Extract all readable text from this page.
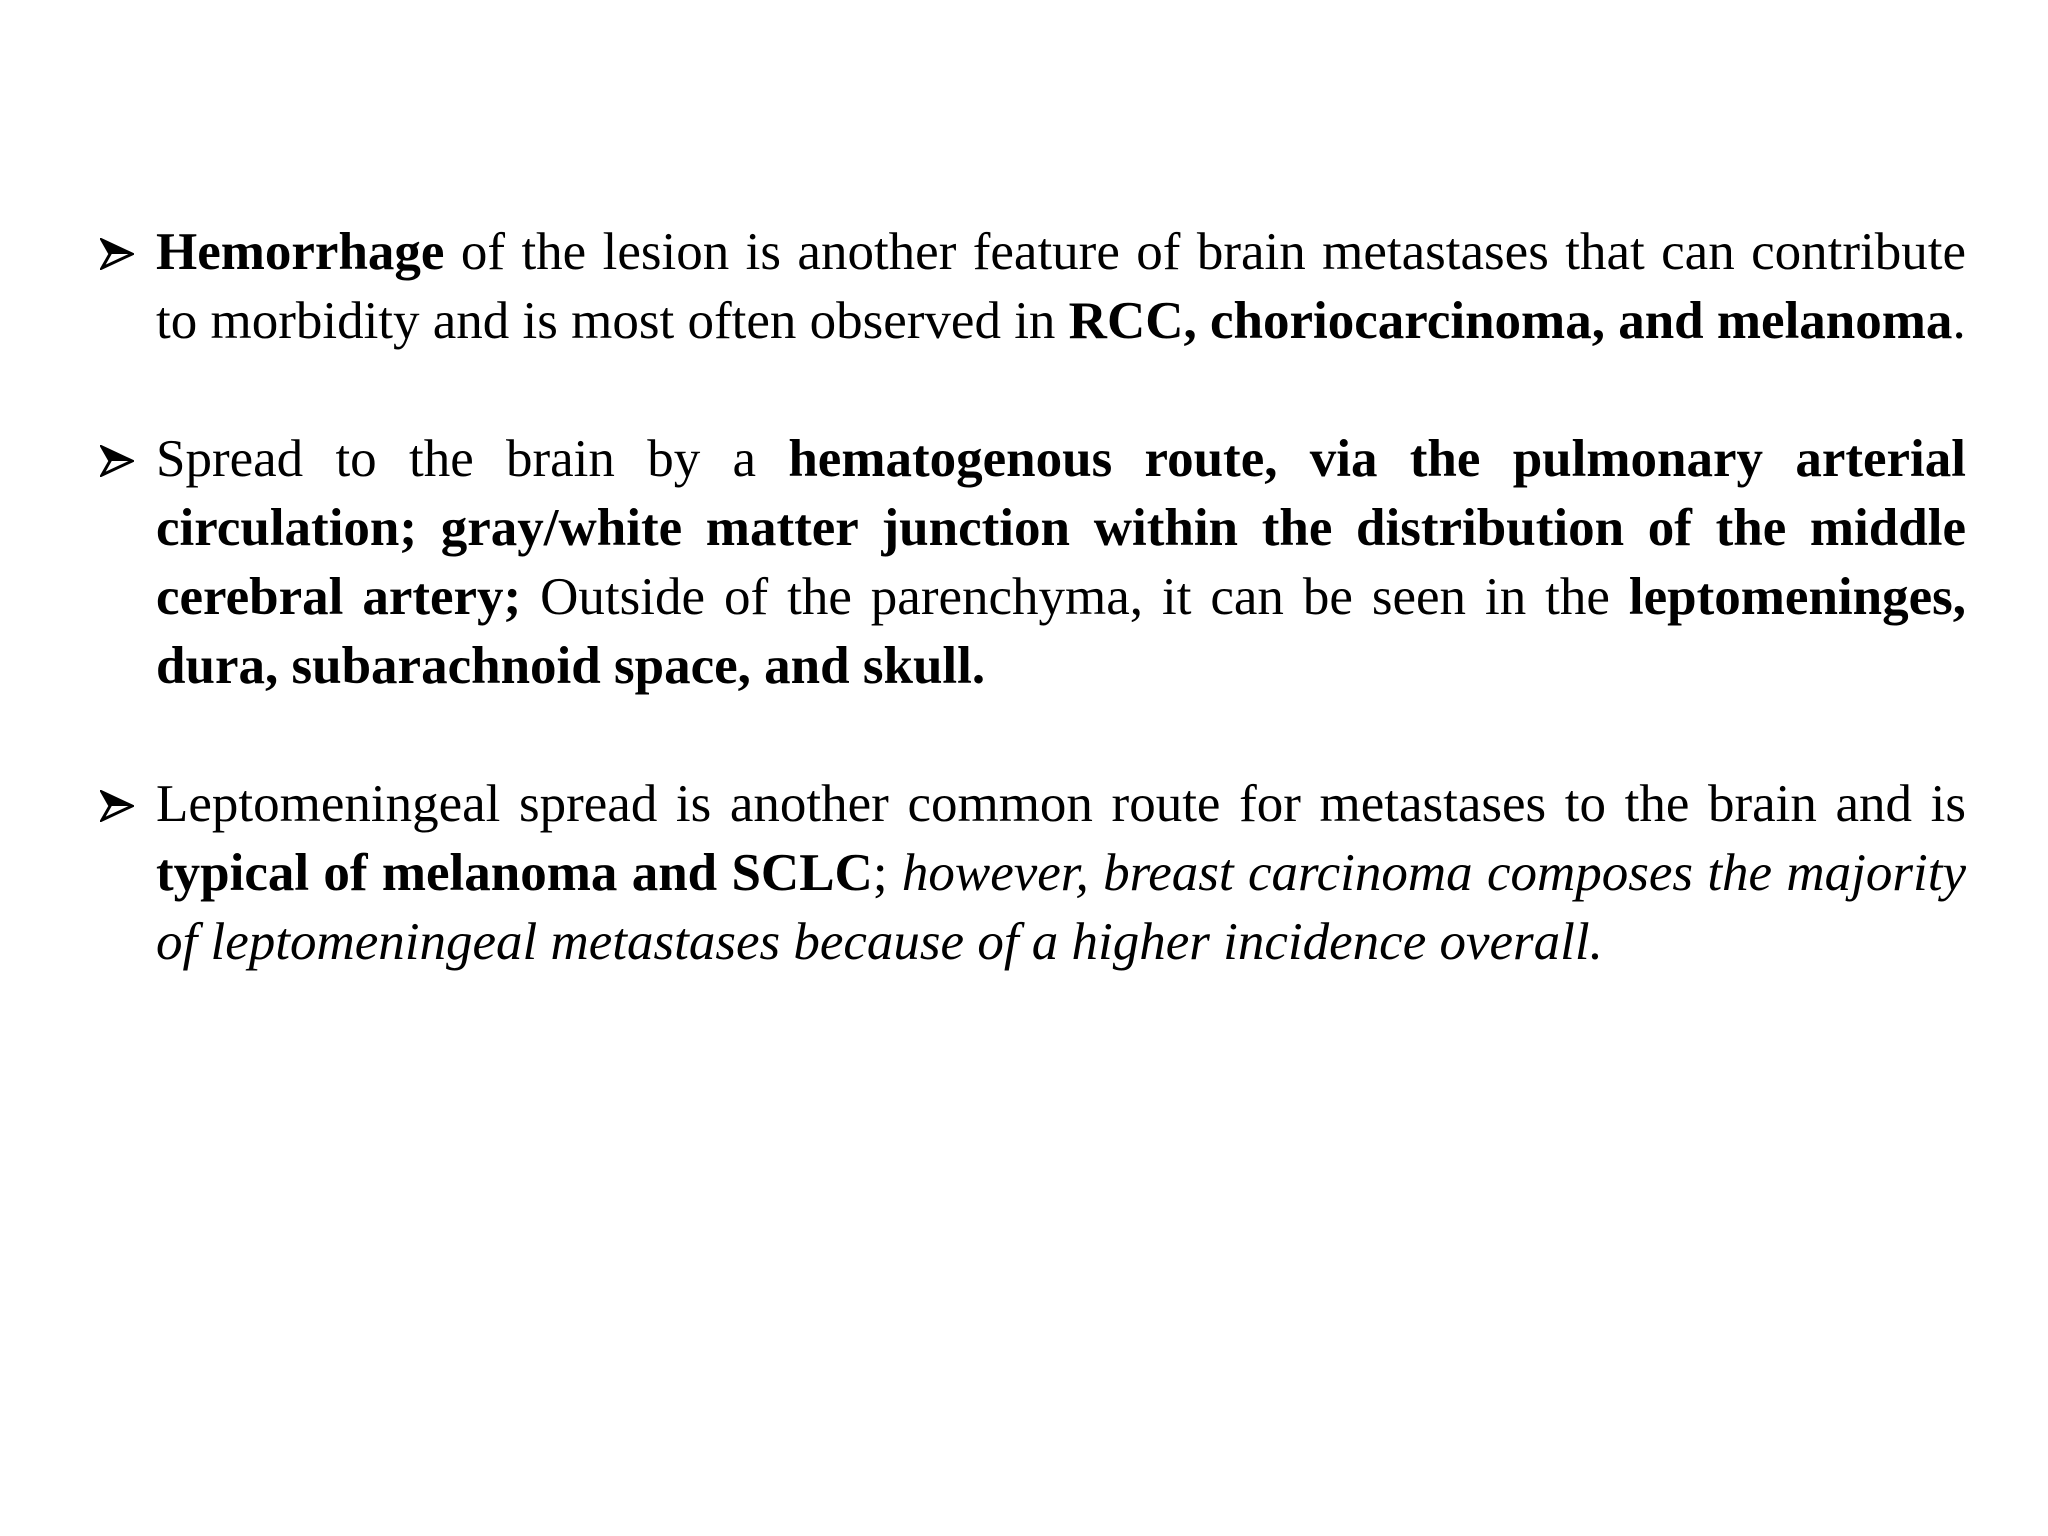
Hemorrhage of the lesion is another feature of brain metastases that can contribute to morbidity and is most often observed in RCC, choriocarcinoma, and melanoma.
Spread to the brain by a hematogenous route, via the pulmonary arterial circulation; gray/white matter junction within the distribution of the middle cerebral artery; Outside of the parenchyma, it can be seen in the leptomeninges, dura, subarachnoid space, and skull.
Leptomeningeal spread is another common route for metastases to the brain and is typical of melanoma and SCLC; however, breast carcinoma composes the majority of leptomeningeal metastases because of a higher incidence overall.
